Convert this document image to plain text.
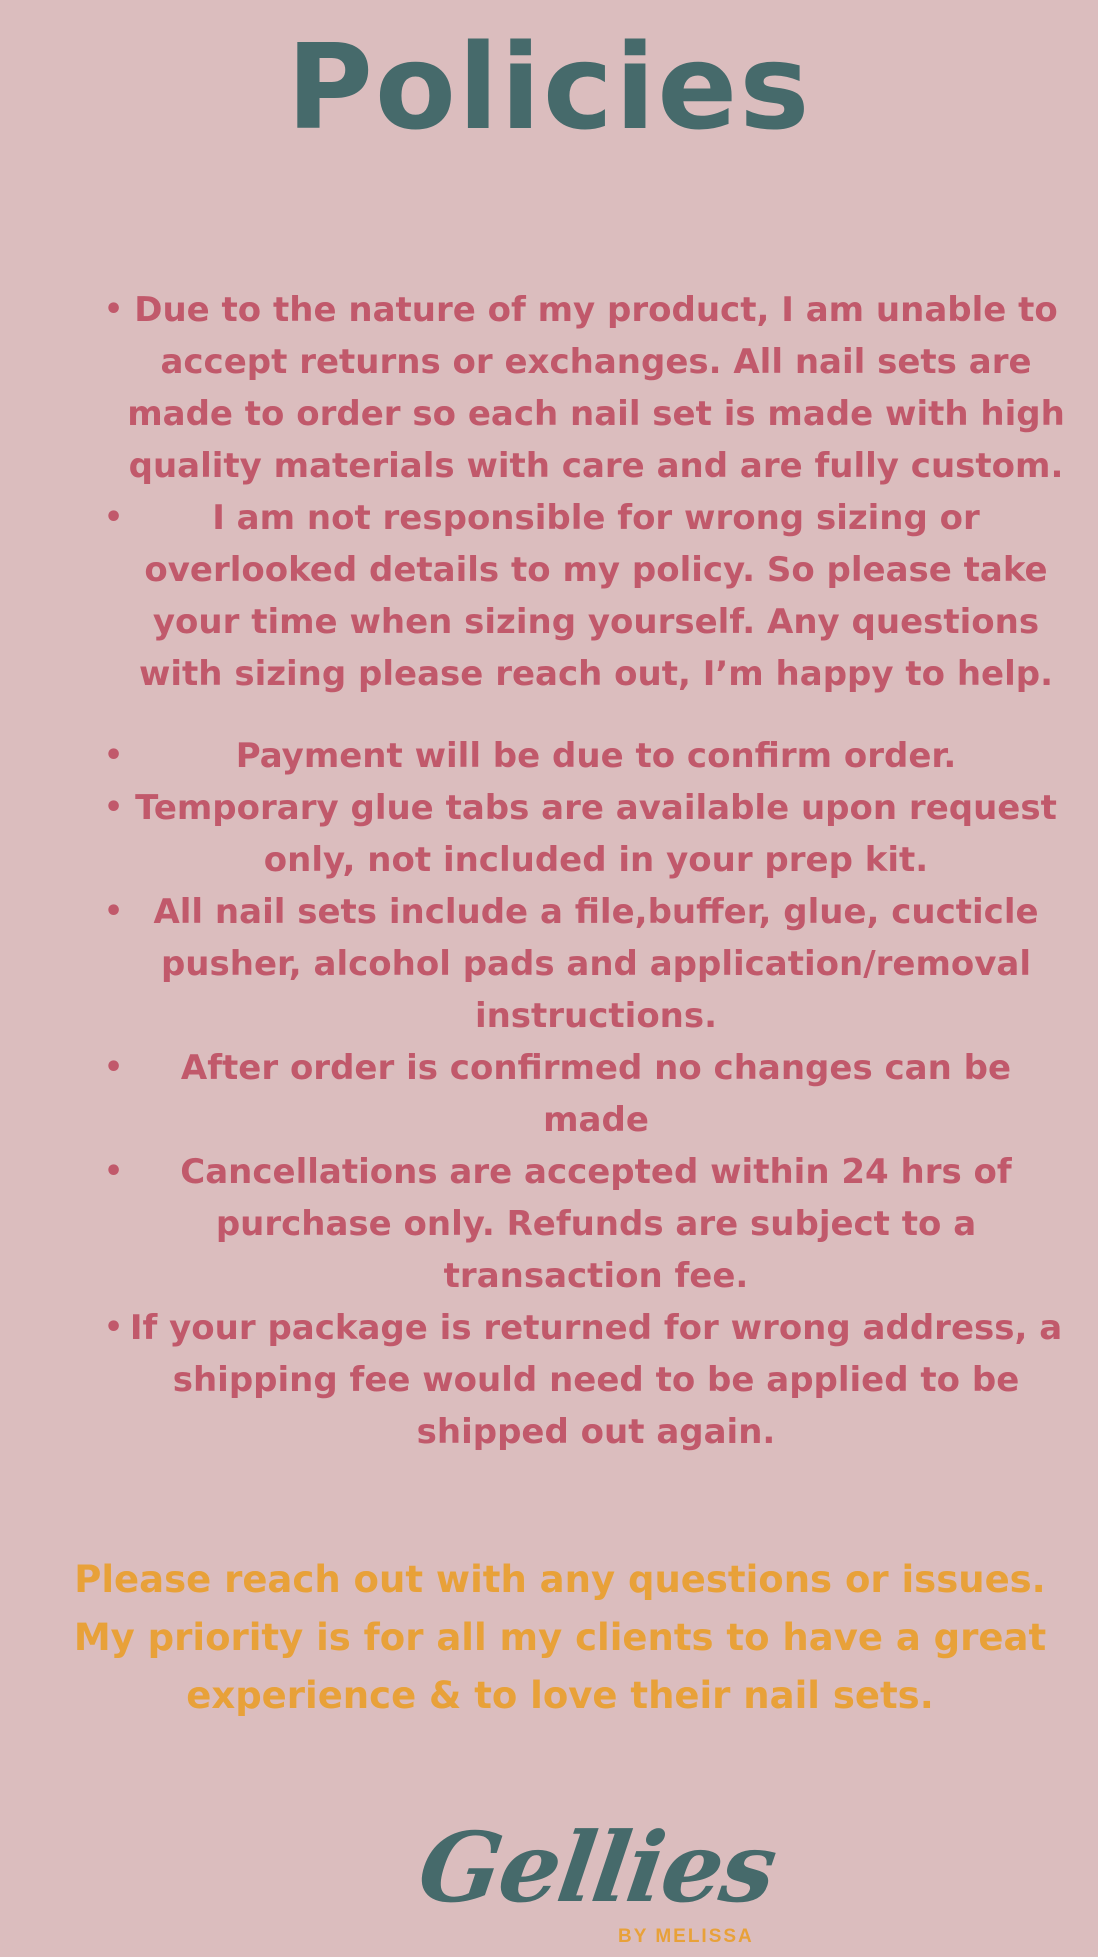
Policies
• Due to the nature of my product, I am unable to accept returns or exchanges. All nail sets are made to order so each nail set is made with high quality materials with care and are fully custom.
•	I am not responsible for wrong sizing or overlooked details to my policy. So please take your time when sizing yourself. Any questions with sizing please reach out, I’m happy to help.
•	Payment will be due to confirm order.
• Temporary glue tabs are available upon request only, not included in your prep kit.
• All nail sets include a file,buffer, glue, cucticle pusher, alcohol pads and application/removal instructions.
• After order is confirmed no changes can be made
• Cancellations are accepted within 24 hrs of purchase only. Refunds are subject to a transaction fee.
• If your package is returned for wrong address, a shipping fee would need to be applied to be shipped out again.
Please reach out with any questions or issues.
My priority is for all my clients to have a great
experience & to love their nail sets.
Gellies
BY MELISSA
